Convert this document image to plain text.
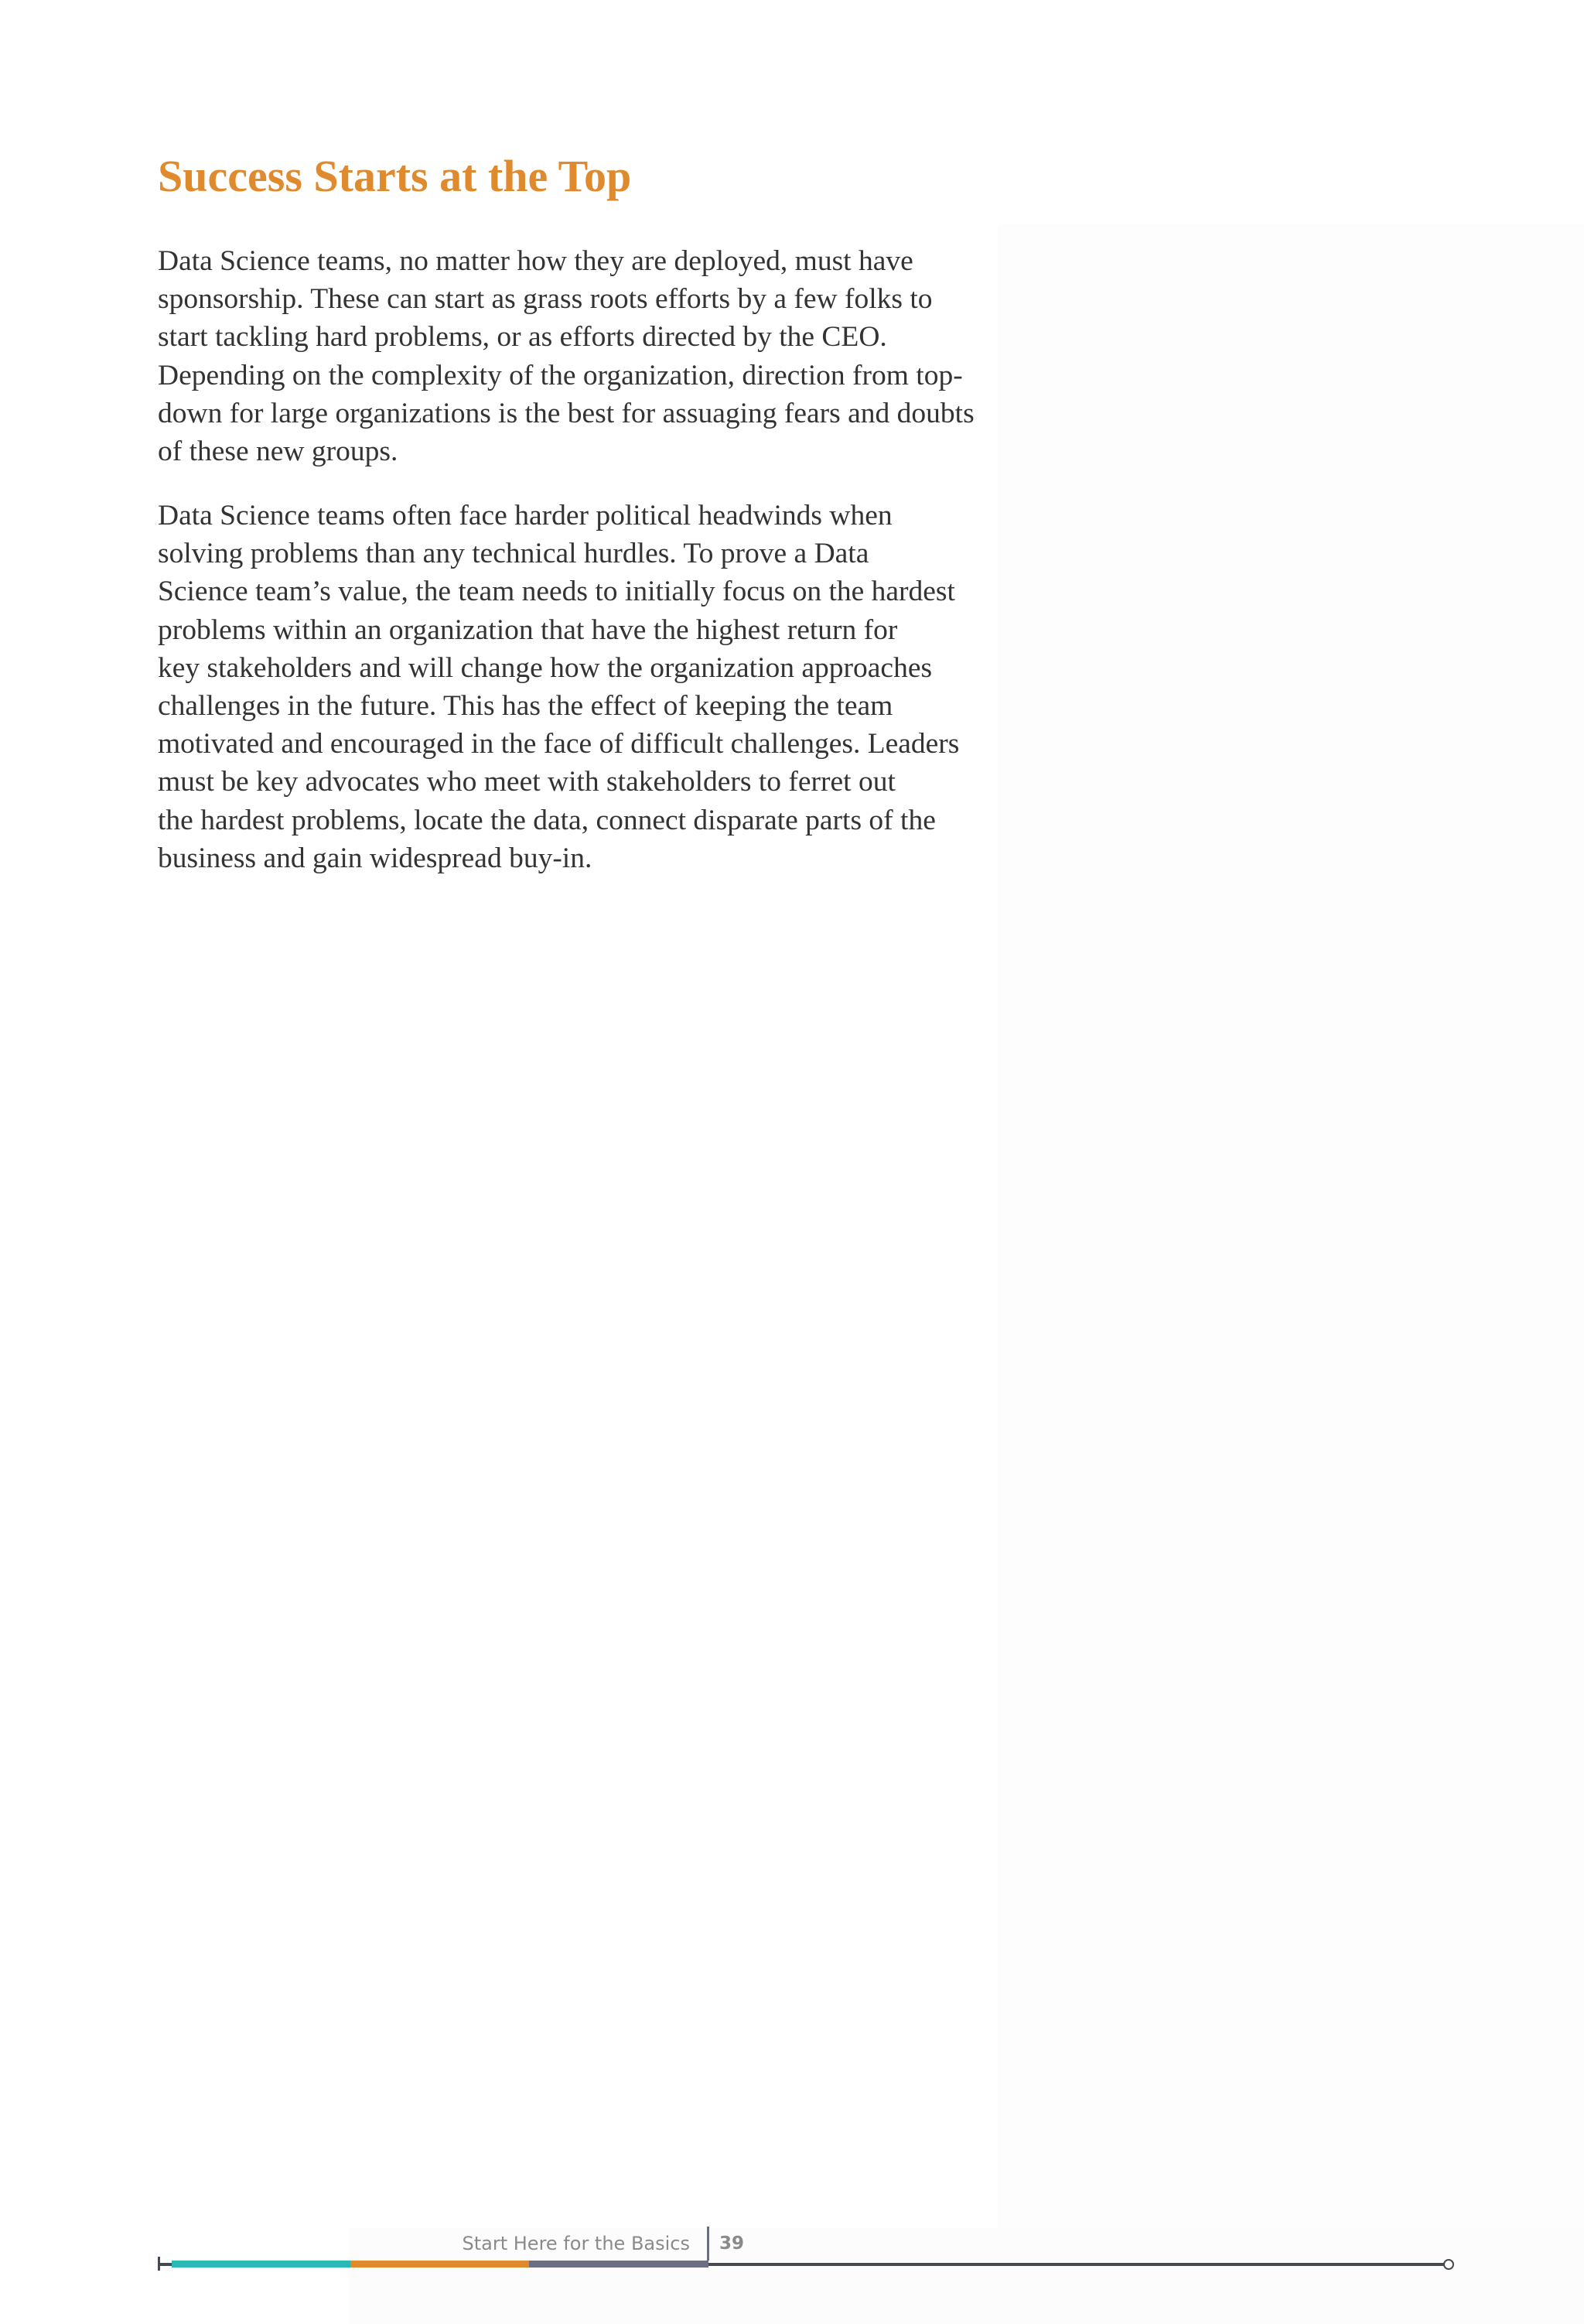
Success Starts at the Top

Data Science teams, no matter how they are deployed, must have
sponsorship. These can start as grass roots efforts by a few folks to
start tackling hard problems, or as efforts directed by the CEO.
Depending on the complexity of the organization, direction from top-
down for large organizations is the best for assuaging fears and doubts
of these new groups.

Data Science teams often face harder political headwinds when
solving problems than any technical hurdles. To prove a Data
Science team’s value, the team needs to initially focus on the hardest
problems within an organization that have the highest return for
key stakeholders and will change how the organization approaches
challenges in the future. This has the effect of keeping the team
motivated and encouraged in the face of difficult challenges. Leaders
must be key advocates who meet with stakeholders to ferret out
the hardest problems, locate the data, connect disparate parts of the
business and gain widespread buy-in.

Start Here for the Basics 39
